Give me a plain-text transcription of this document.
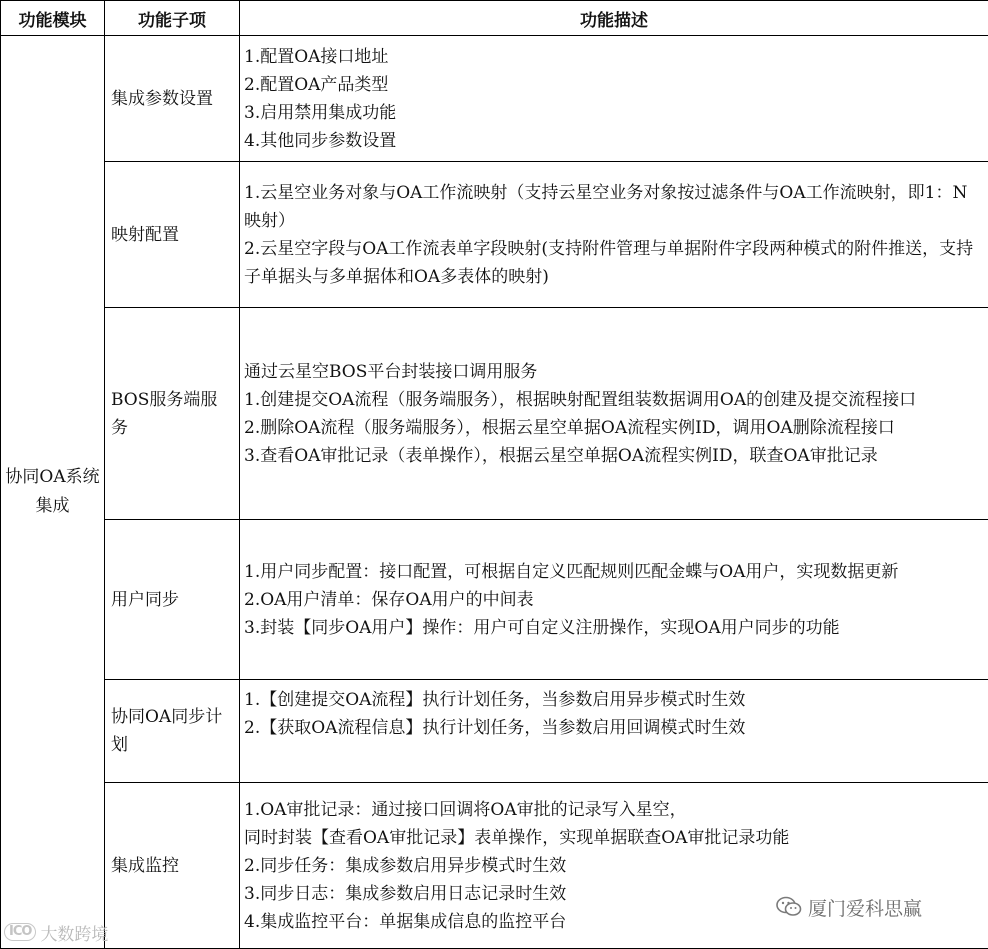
功能模块	功能子项	功能描述
协同OA系统集成	集成参数设置	1.配置OA接口地址
2.配置OA产品类型
3.启用禁用集成功能
4.其他同步参数设置

	映射配置	1.云星空业务对象与OA工作流映射（支持云星空业务对象按过滤条件与OA工作流映射，即1：N映射）
2.云星空字段与OA工作流表单字段映射(支持附件管理与单据附件字段两种模式的附件推送，支持子单据头与多单据体和OA多表体的映射)

	BOS服务端服务	通过云星空BOS平台封装接口调用服务
1.创建提交OA流程（服务端服务），根据映射配置组装数据调用OA的创建及提交流程接口
2.删除OA流程（服务端服务），根据云星空单据OA流程实例ID，调用OA删除流程接口
3.查看OA审批记录（表单操作），根据云星空单据OA流程实例ID，联查OA审批记录

	用户同步	1.用户同步配置：接口配置，可根据自定义匹配规则匹配金蝶与OA用户，实现数据更新
2.OA用户清单：保存OA用户的中间表
3.封装【同步OA用户】操作：用户可自定义注册操作，实现OA用户同步的功能

	协同OA同步计划	1.【创建提交OA流程】执行计划任务，当参数启用异步模式时生效
2.【获取OA流程信息】执行计划任务，当参数启用回调模式时生效

	集成监控	1.OA审批记录：通过接口回调将OA审批的记录写入星空，
同时封装【查看OA审批记录】表单操作，实现单据联查OA审批记录功能
2.同步任务：集成参数启用异步模式时生效
3.同步日志：集成参数启用日志记录时生效
4.集成监控平台：单据集成信息的监控平台
ICO 大数跨境
厦门爱科思赢
